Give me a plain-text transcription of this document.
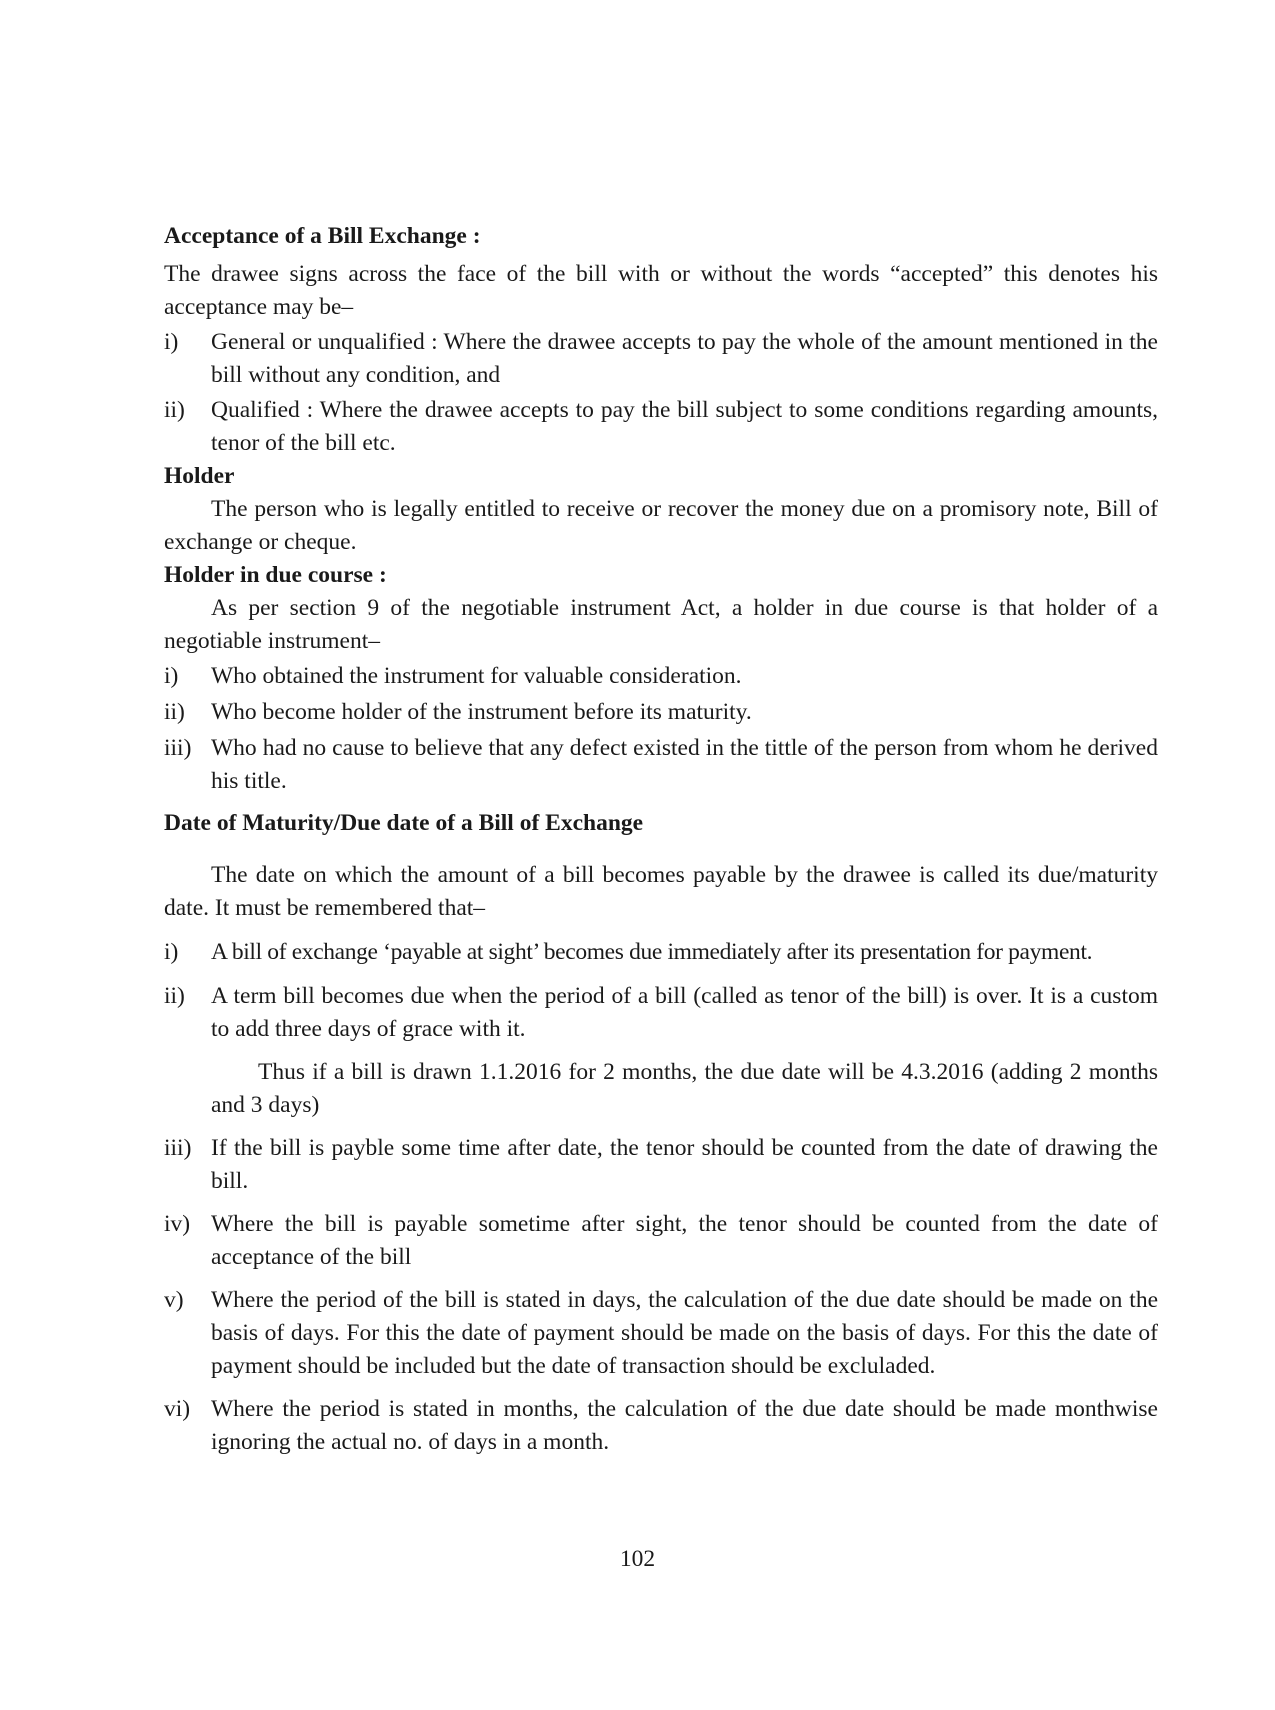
Acceptance of a Bill Exchange :

The drawee signs across the face of the bill with or without the words “accepted” this denotes his acceptance may be–

i)	General or unqualified : Where the drawee accepts to pay the whole of the amount mentioned in the bill without any condition, and
ii)	Qualified : Where the drawee accepts to pay the bill subject to some conditions regarding amounts, tenor of the bill etc.
Holder

The person who is legally entitled to receive or recover the money due on a promisory note, Bill of exchange or cheque.

Holder in due course :

As per section 9 of the negotiable instrument Act, a holder in due course is that holder of a negotiable instrument–

i)	Who obtained the instrument for valuable consideration.
ii)	Who become holder of the instrument before its maturity.
iii) Who had no cause to believe that any defect existed in the tittle of the person from whom he derived his title.
Date of Maturity/Due date of a Bill of Exchange

The date on which the amount of a bill becomes payable by the drawee is called its due/maturity date. It must be remembered that–

i)	A bill of exchange ‘payable at sight’ becomes due immediately after its presentation for payment.
ii)	A term bill becomes due when the period of a bill (called as tenor of the bill) is over. It is a custom to add three days of grace with it.

Thus if a bill is drawn 1.1.2016 for 2 months, the due date will be 4.3.2016 (adding 2 months and 3 days)

iii) If the bill is payble some time after date, the tenor should be counted from the date of drawing the bill.
iv) Where the bill is payable sometime after sight, the tenor should be counted from the date of acceptance of the bill
v)	Where the period of the bill is stated in days, the calculation of the due date should be made on the basis of days. For this the date of payment should be made on the basis of days. For this the date of payment should be included but the date of transaction should be excluladed.
vi) Where the period is stated in months, the calculation of the due date should be made monthwise ignoring the actual no. of days in a month.
102
